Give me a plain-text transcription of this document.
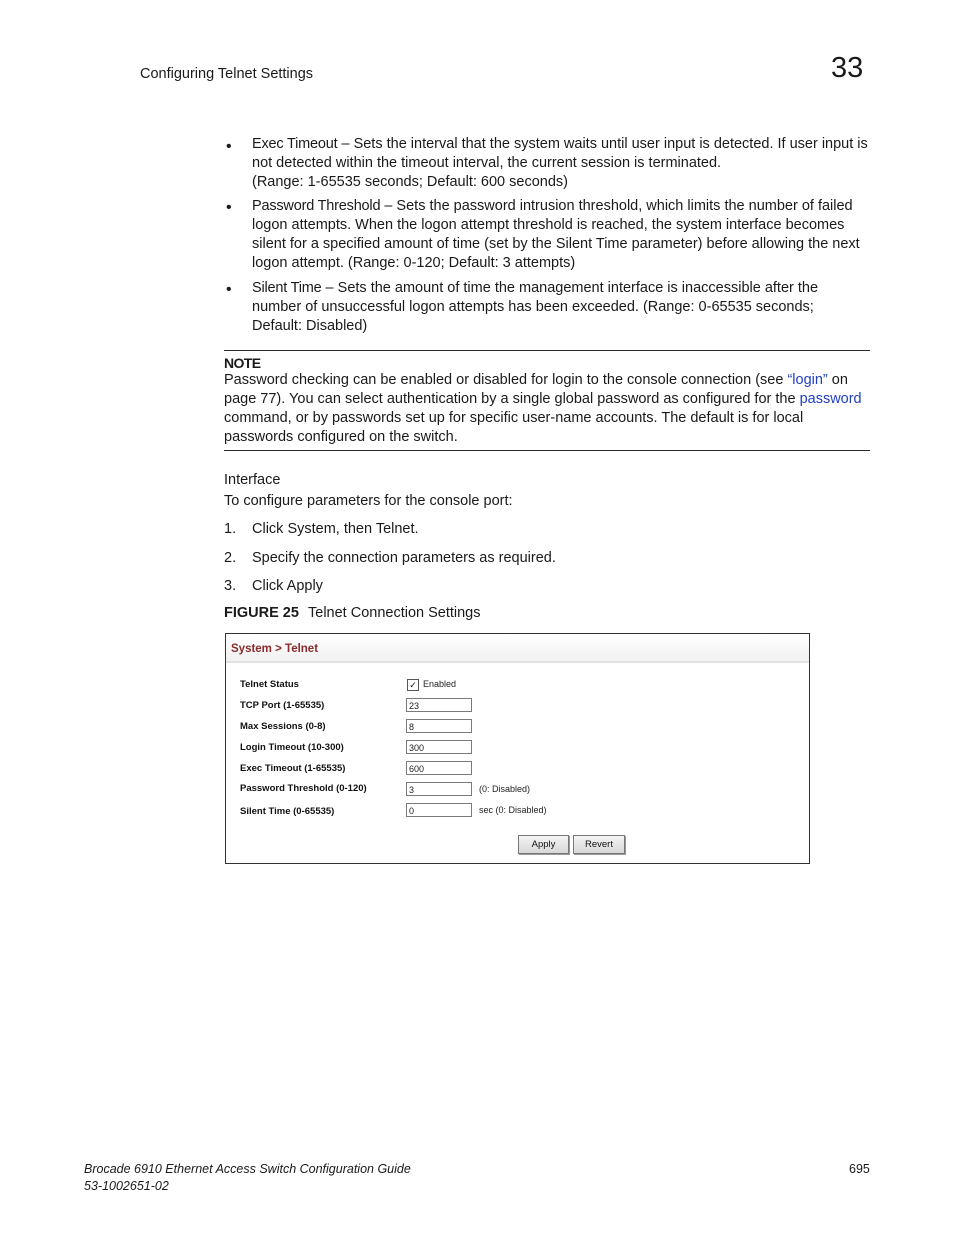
Configuring Telnet Settings	33
• Exec Timeout – Sets the interval that the system waits until user input is detected. If user input is not detected within the timeout interval, the current session is terminated.
(Range: 1-65535 seconds; Default: 600 seconds)
• Password Threshold – Sets the password intrusion threshold, which limits the number of failed logon attempts. When the logon attempt threshold is reached, the system interface becomes silent for a specified amount of time (set by the Silent Time parameter) before allowing the next logon attempt. (Range: 0-120; Default: 3 attempts)
• Silent Time – Sets the amount of time the management interface is inaccessible after the number of unsuccessful logon attempts has been exceeded. (Range: 0-65535 seconds; Default: Disabled)
NOTE
Password checking can be enabled or disabled for login to the console connection (see “login” on page 77). You can select authentication by a single global password as configured for the password command, or by passwords set up for specific user-name accounts. The default is for local passwords configured on the switch.
Interface
To configure parameters for the console port:
1. Click System, then Telnet.
2. Specify the connection parameters as required.
3. Click Apply
FIGURE 25 Telnet Connection Settings
System > Telnet
Telnet Status	✓ Enabled
TCP Port (1-65535)	23
Max Sessions (0-8)	8
Login Timeout (10-300)	300
Exec Timeout (1-65535)	600
Password Threshold (0-120)	3	(0: Disabled)
Silent Time (0-65535)	0	sec (0: Disabled)
Apply	Revert
Brocade 6910 Ethernet Access Switch Configuration Guide
53-1002651-02
695
